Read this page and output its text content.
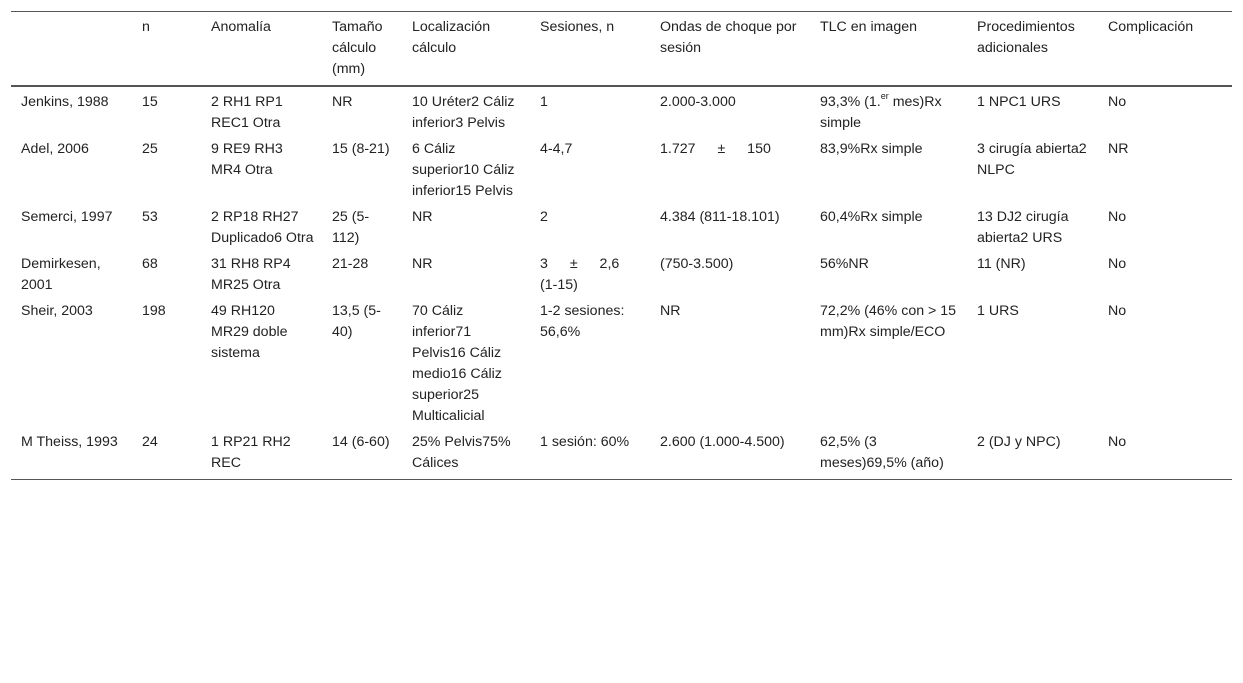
	n	Anomalía	Tamaño cálculo (mm)	Localización cálculo	Sesiones, n	Ondas de choque por sesión	TLC en imagen	Procedimientos adicionales	Complicación
Jenkins, 1988	15	2 RH1 RP1 REC1 Otra	NR	10 Uréter2 Cáliz inferior3 Pelvis	1	2.000-3.000	93,3% (1.$^{er}$ mes)Rx simple	1 NPC1 URS	No
Adel, 2006	25	9 RE9 RH3 MR4 Otra	15 (8-21)	6 Cáliz superior10 Cáliz inferior15 Pelvis	4-4,7	1.727 ± 150	83,9%Rx simple	3 cirugía abierta2 NLPC	NR
Semerci, 1997	53	2 RP18 RH27 Duplicado6 Otra	25 (5-112)	NR	2	4.384 (811-18.101)	60,4%Rx simple	13 DJ2 cirugía abierta2 URS	No
Demirkesen, 2001	68	31 RH8 RP4 MR25 Otra	21-28	NR	3 ± 2,6 (1-15)	(750-3.500)	56%NR	11 (NR)	No
Sheir, 2003	198	49 RH120 MR29 doble sistema	13,5 (5-40)	70 Cáliz inferior71 Pelvis16 Cáliz medio16 Cáliz superior25 Multicalicial	1-2 sesiones: 56,6%	NR	72,2% (46% con > 15 mm)Rx simple/ECO	1 URS	No
M Theiss, 1993	24	1 RP21 RH2 REC	14 (6-60)	25% Pelvis75% Cálices	1 sesión: 60%	2.600 (1.000-4.500)	62,5% (3 meses)69,5% (año)	2 (DJ y NPC)	No
